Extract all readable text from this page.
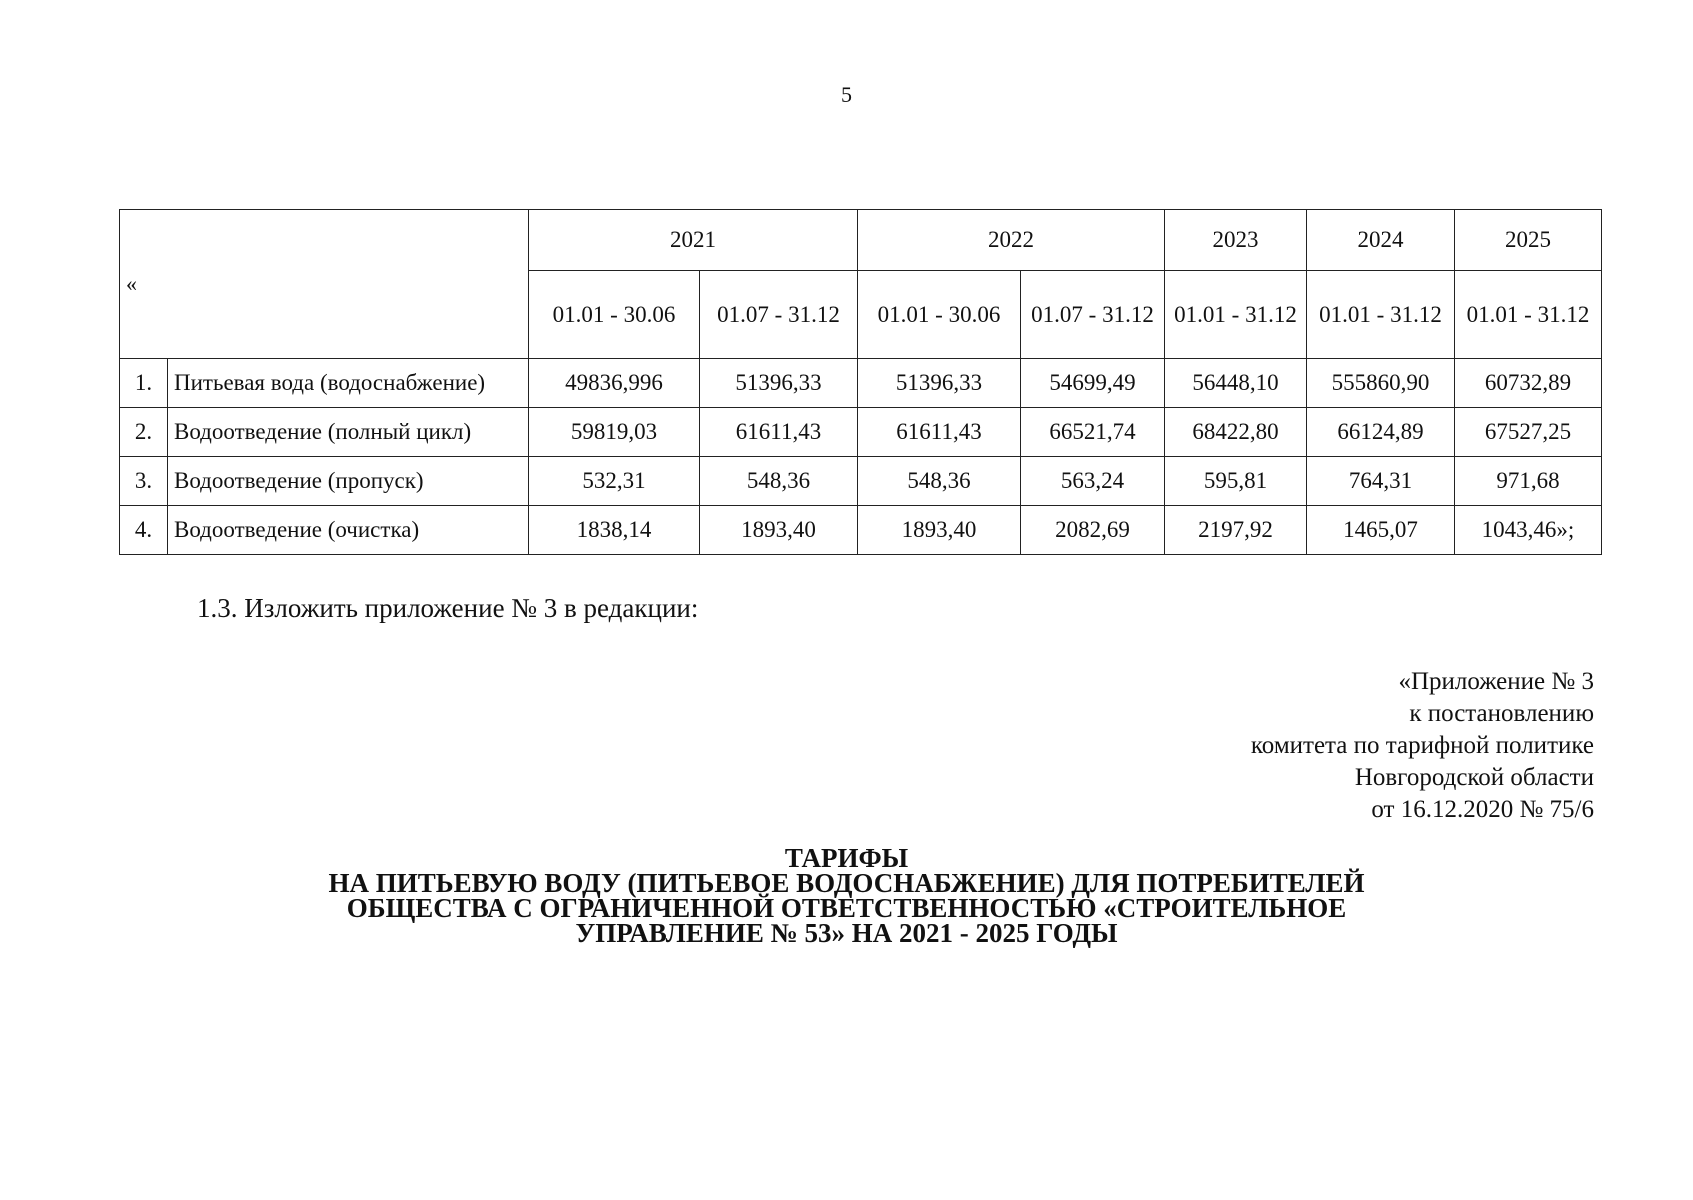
5
«		2021		2022		2023	2024	2025
		01.01 - 30.06	01.07 - 31.12	01.01 - 30.06	01.07 - 31.12	01.01 - 31.12	01.01 - 31.12	01.01 - 31.12
1.	Питьевая вода (водоснабжение)	49836,996	51396,33	51396,33	54699,49	56448,10	555860,90	60732,89
2.	Водоотведение (полный цикл)	59819,03	61611,43	61611,43	66521,74	68422,80	66124,89	67527,25
3.	Водоотведение (пропуск)	532,31	548,36	548,36	563,24	595,81	764,31	971,68
4.	Водоотведение (очистка)	1838,14	1893,40	1893,40	2082,69	2197,92	1465,07	1043,46»;
1.3. Изложить приложение № 3 в редакции:
«Приложение № 3
к постановлению
комитета по тарифной политике
Новгородской области
от 16.12.2020 № 75/6
ТАРИФЫ
НА ПИТЬЕВУЮ ВОДУ (ПИТЬЕВОЕ ВОДОСНАБЖЕНИЕ) ДЛЯ ПОТРЕБИТЕЛЕЙ
ОБЩЕСТВА С ОГРАНИЧЕННОЙ ОТВЕТСТВЕННОСТЬЮ «СТРОИТЕЛЬНОЕ
УПРАВЛЕНИЕ № 53» НА 2021 - 2025 ГОДЫ
